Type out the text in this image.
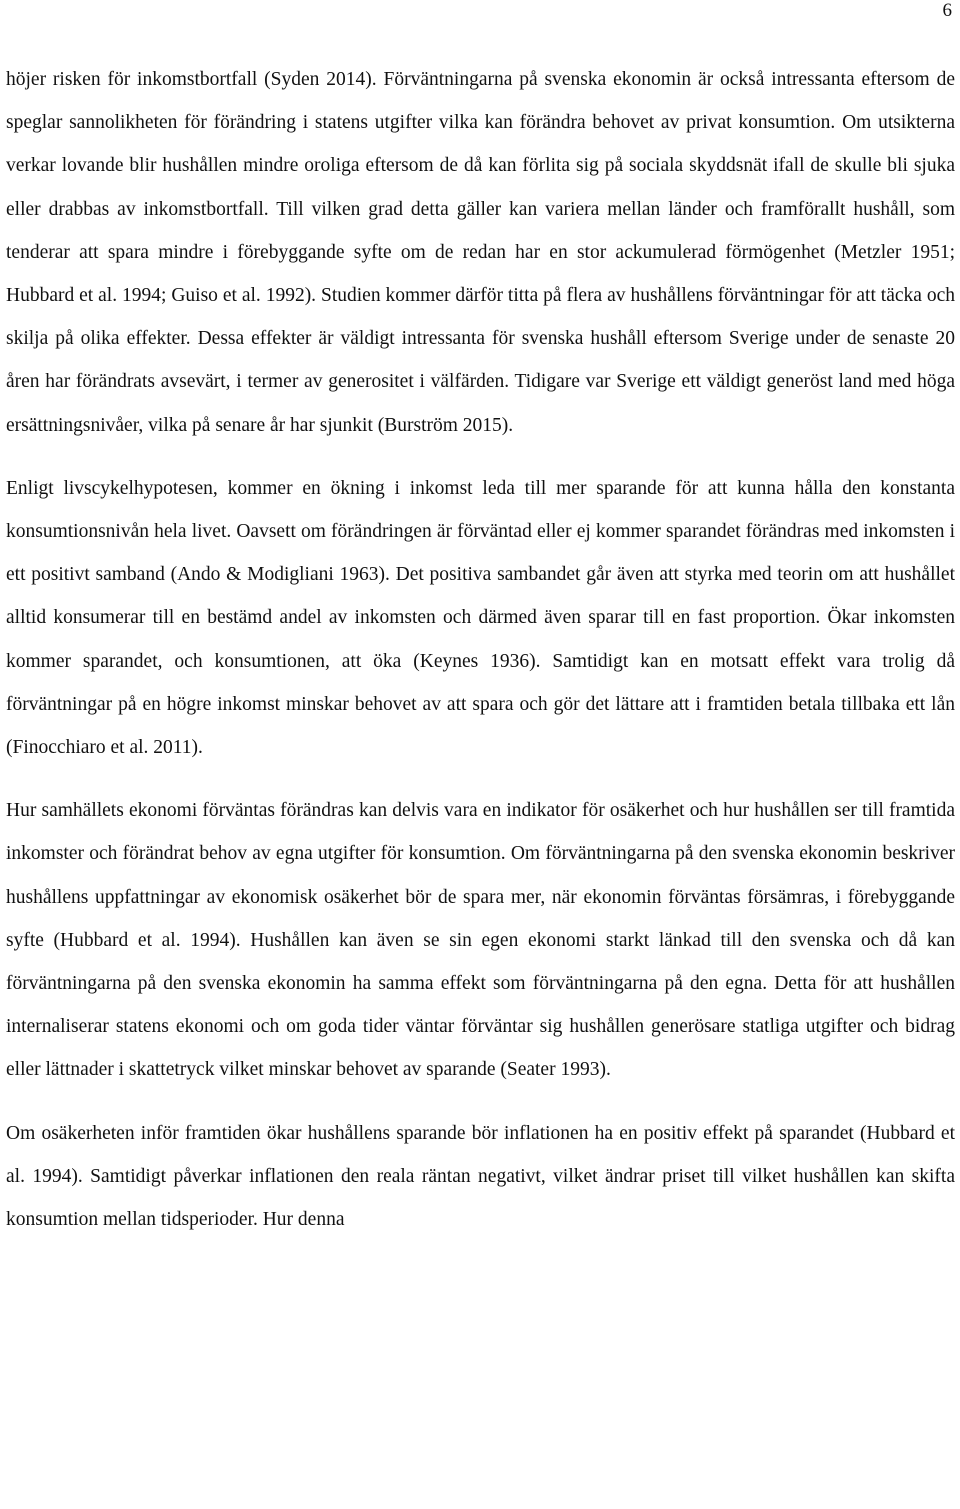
6

höjer risken för inkomstbortfall (Syden 2014). Förväntningarna på svenska ekonomin är också intressanta eftersom de speglar sannolikheten för förändring i statens utgifter vilka kan förändra behovet av privat konsumtion. Om utsikterna verkar lovande blir hushållen mindre oroliga eftersom de då kan förlita sig på sociala skyddsnät ifall de skulle bli sjuka eller drabbas av inkomstbortfall. Till vilken grad detta gäller kan variera mellan länder och framförallt hushåll, som tenderar att spara mindre i förebyggande syfte om de redan har en stor ackumulerad förmögenhet (Metzler 1951; Hubbard et al. 1994; Guiso et al. 1992). Studien kommer därför titta på flera av hushållens förväntningar för att täcka och skilja på olika effekter. Dessa effekter är väldigt intressanta för svenska hushåll eftersom Sverige under de senaste 20 åren har förändrats avsevärt, i termer av generositet i välfärden. Tidigare var Sverige ett väldigt generöst land med höga ersättningsnivåer, vilka på senare år har sjunkit (Burström 2015).

Enligt livscykelhypotesen, kommer en ökning i inkomst leda till mer sparande för att kunna hålla den konstanta konsumtionsnivån hela livet. Oavsett om förändringen är förväntad eller ej kommer sparandet förändras med inkomsten i ett positivt samband (Ando & Modigliani 1963). Det positiva sambandet går även att styrka med teorin om att hushållet alltid konsumerar till en bestämd andel av inkomsten och därmed även sparar till en fast proportion. Ökar inkomsten kommer sparandet, och konsumtionen, att öka (Keynes 1936). Samtidigt kan en motsatt effekt vara trolig då förväntningar på en högre inkomst minskar behovet av att spara och gör det lättare att i framtiden betala tillbaka ett lån (Finocchiaro et al. 2011).

Hur samhällets ekonomi förväntas förändras kan delvis vara en indikator för osäkerhet och hur hushållen ser till framtida inkomster och förändrat behov av egna utgifter för konsumtion. Om förväntningarna på den svenska ekonomin beskriver hushållens uppfattningar av ekonomisk osäkerhet bör de spara mer, när ekonomin förväntas försämras, i förebyggande syfte (Hubbard et al. 1994). Hushållen kan även se sin egen ekonomi starkt länkad till den svenska och då kan förväntningarna på den svenska ekonomin ha samma effekt som förväntningarna på den egna. Detta för att hushållen internaliserar statens ekonomi och om goda tider väntar förväntar sig hushållen generösare statliga utgifter och bidrag eller lättnader i skattetryck vilket minskar behovet av sparande (Seater 1993).

Om osäkerheten inför framtiden ökar hushållens sparande bör inflationen ha en positiv effekt på sparandet (Hubbard et al. 1994). Samtidigt påverkar inflationen den reala räntan negativt, vilket ändrar priset till vilket hushållen kan skifta konsumtion mellan tidsperioder. Hur denna
